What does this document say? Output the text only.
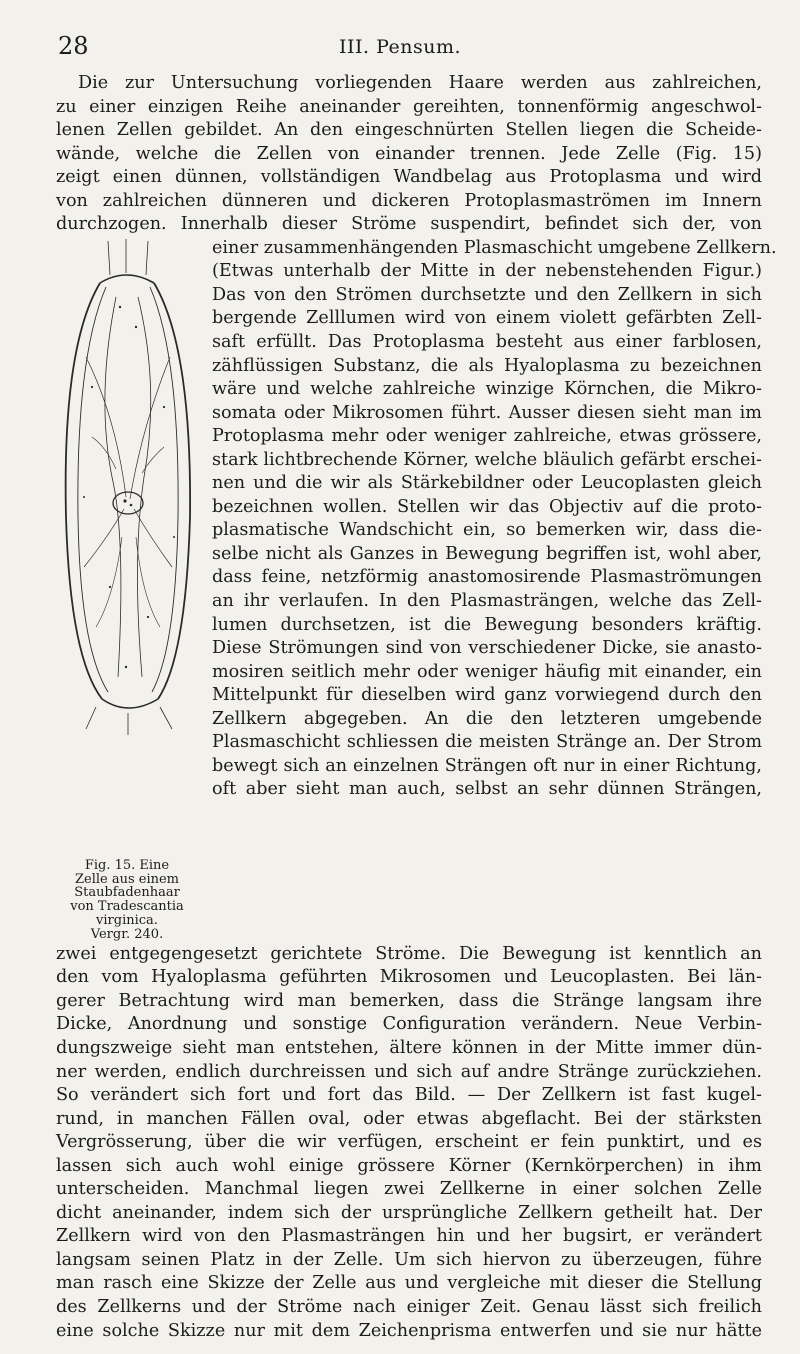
28	III. Pensum.
Die zur Untersuchung vorliegenden Haare werden aus zahlreichen,
zu einer einzigen Reihe aneinander gereihten, tonnenförmig angeschwol-
lenen Zellen gebildet. An den eingeschnürten Stellen liegen die Scheide-
wände, welche die Zellen von einander trennen. Jede Zelle (Fig. 15)
zeigt einen dünnen, vollständigen Wandbelag aus Protoplasma und wird
von zahlreichen dünneren und dickeren Protoplasmaströmen im Innern
durchzogen. Innerhalb dieser Ströme suspendirt, befindet sich der, von
Fig. 15. Eine
Zelle aus einem
Staubfadenhaar
von Tradescantia
virginica.
Vergr. 240.
einer zusammenhängenden Plasmaschicht umgebene Zellkern.
(Etwas unterhalb der Mitte in der nebenstehenden Figur.)
Das von den Strömen durchsetzte und den Zellkern in sich
bergende Zelllumen wird von einem violett gefärbten Zell-
saft erfüllt. Das Protoplasma besteht aus einer farblosen,
zähflüssigen Substanz, die als Hyaloplasma zu bezeichnen
wäre und welche zahlreiche winzige Körnchen, die Mikro-
somata oder Mikrosomen führt. Ausser diesen sieht man im
Protoplasma mehr oder weniger zahlreiche, etwas grössere,
stark lichtbrechende Körner, welche bläulich gefärbt erschei-
nen und die wir als Stärkebildner oder Leucoplasten gleich
bezeichnen wollen. Stellen wir das Objectiv auf die proto-
plasmatische Wandschicht ein, so bemerken wir, dass die-
selbe nicht als Ganzes in Bewegung begriffen ist, wohl aber,
dass feine, netzförmig anastomosirende Plasmaströmungen
an ihr verlaufen. In den Plasmasträngen, welche das Zell-
lumen durchsetzen, ist die Bewegung besonders kräftig.
Diese Strömungen sind von verschiedener Dicke, sie anasto-
mosiren seitlich mehr oder weniger häufig mit einander, ein
Mittelpunkt für dieselben wird ganz vorwiegend durch den
Zellkern abgegeben. An die den letzteren umgebende
Plasmaschicht schliessen die meisten Stränge an. Der Strom
bewegt sich an einzelnen Strängen oft nur in einer Richtung,
oft aber sieht man auch, selbst an sehr dünnen Strängen,
zwei entgegengesetzt gerichtete Ströme. Die Bewegung ist kenntlich an
den vom Hyaloplasma geführten Mikrosomen und Leucoplasten. Bei län-
gerer Betrachtung wird man bemerken, dass die Stränge langsam ihre
Dicke, Anordnung und sonstige Configuration verändern. Neue Verbin-
dungszweige sieht man entstehen, ältere können in der Mitte immer dün-
ner werden, endlich durchreissen und sich auf andre Stränge zurückziehen.
So verändert sich fort und fort das Bild. — Der Zellkern ist fast kugel-
rund, in manchen Fällen oval, oder etwas abgeflacht. Bei der stärksten
Vergrösserung, über die wir verfügen, erscheint er fein punktirt, und es
lassen sich auch wohl einige grössere Körner (Kernkörperchen) in ihm
unterscheiden. Manchmal liegen zwei Zellkerne in einer solchen Zelle
dicht aneinander, indem sich der ursprüngliche Zellkern getheilt hat. Der
Zellkern wird von den Plasmasträngen hin und her bugsirt, er verändert
langsam seinen Platz in der Zelle. Um sich hiervon zu überzeugen, führe
man rasch eine Skizze der Zelle aus und vergleiche mit dieser die Stellung
des Zellkerns und der Ströme nach einiger Zeit. Genau lässt sich freilich
eine solche Skizze nur mit dem Zeichenprisma entwerfen und sie nur hätte
